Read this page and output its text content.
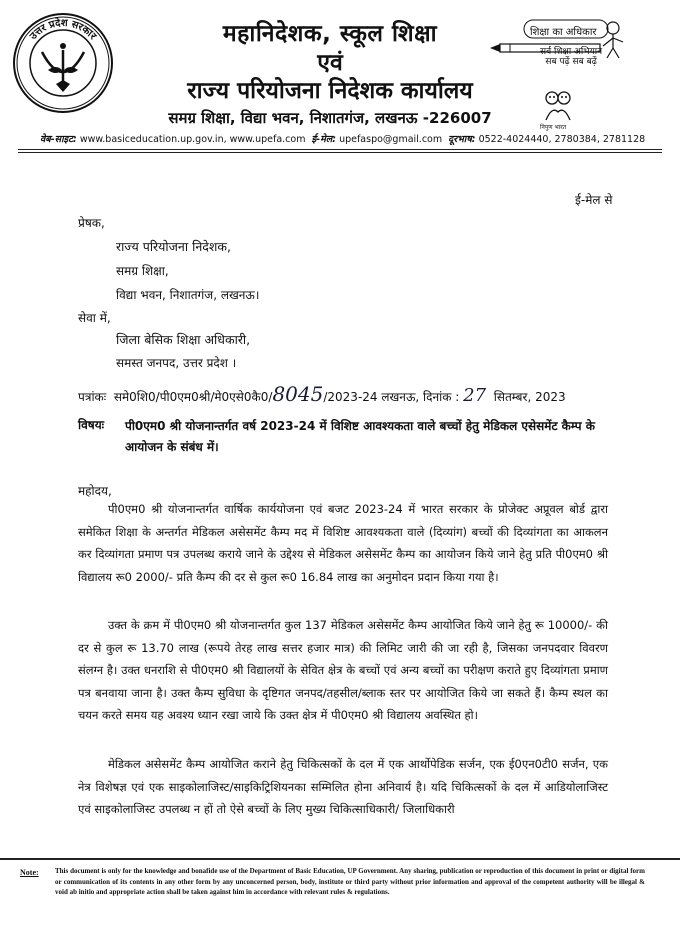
उत्तर प्रदेश सरकार	महानिदेशक, स्कूल शिक्षा
एवं
राज्य परियोजना निदेशक कार्यालय
समग्र शिक्षा, विद्या भवन, निशातगंज, लखनऊ -226007
शिक्षा का अधिकार
सर्व शिक्षा अभियान
सब पढ़ें सब बढ़ें
निपुण भारत
वेब-साइट: www.basiceducation.up.gov.in, www.upefa.com ई-मेल: upefaspo@gmail.com दूरभाष: 0522-4024440, 2780384, 2781128
ई-मेल से
प्रेषक,
राज्य परियोजना निदेशक,
समग्र शिक्षा,
विद्या भवन, निशातगंज, लखनऊ।
सेवा में,
जिला बेसिक शिक्षा अधिकारी,
समस्त जनपद, उत्तर प्रदेश ।
पत्रांकः समे0शि0/पी0एम0श्री/मे0एसे0कै0/8045/2023-24 लखनऊ, दिनांक : 27 सितम्बर, 2023
विषयः पी0एम0 श्री योजनान्तर्गत वर्ष 2023-24 में विशिष्ट आवश्यकता वाले बच्चों हेतु मेडिकल एसेसमेंट कैम्प के आयोजन के संबंध में।
महोदय,
पी0एम0 श्री योजनान्तर्गत वार्षिक कार्ययोजना एवं बजट 2023-24 में भारत सरकार के प्रोजेक्ट अप्रूवल बोर्ड द्वारा समेकित शिक्षा के अन्तर्गत मेडिकल असेसमेंट कैम्प मद में विशिष्ट आवश्यकता वाले (दिव्यांग) बच्चों की दिव्यांगता का आकलन कर दिव्यांगता प्रमाण पत्र उपलब्ध कराये जाने के उद्देश्य से मेडिकल असेसमेंट कैम्प का आयोजन किये जाने हेतु प्रति पी0एम0 श्री विद्यालय रू0 2000/- प्रति कैम्प की दर से कुल रू0 16.84 लाख का अनुमोदन प्रदान किया गया है।
उक्त के क्रम में पी0एम0 श्री योजनान्तर्गत कुल 137 मेडिकल असेसमेंट कैम्प आयोजित किये जाने हेतु रू 10000/- की दर से कुल रू 13.70 लाख (रूपये तेरह लाख सत्तर हजार मात्र) की लिमिट जारी की जा रही है, जिसका जनपदवार विवरण संलग्न है। उक्त धनराशि से पी0एम0 श्री विद्यालयों के सेवित क्षेत्र के बच्चों एवं अन्य बच्चों का परीक्षण कराते हुए दिव्यांगता प्रमाण पत्र बनवाया जाना है। उक्त कैम्प सुविधा के दृष्टिगत जनपद/तहसील/ब्लाक स्तर पर आयोजित किये जा सकते हैं। कैम्प स्थल का चयन करते समय यह अवश्य ध्यान रखा जाये कि उक्त क्षेत्र में पी0एम0 श्री विद्यालय अवस्थित हो।
मेडिकल असेसमेंट कैम्प आयोजित कराने हेतु चिकित्सकों के दल में एक आर्थोपेडिक सर्जन, एक ई0एन0टी0 सर्जन, एक नेत्र विशेषज्ञ एवं एक साइकोलाजिस्ट/साइकिट्रिशियनका सम्मिलित होना अनिवार्य है। यदि चिकित्सकों के दल में आडियोलाजिस्ट एवं साइकोलाजिस्ट उपलब्ध न हों तो ऐसे बच्चों के लिए मुख्य चिकित्साधिकारी/ जिलाधिकारी
Note: This document is only for the knowledge and bonafide use of the Department of Basic Education, UP Government. Any sharing, publication or reproduction of this document in print or digital form or communication of its contents in any other form by any unconcerned person, body, institute or third party without prior information and approval of the competent authority will be illegal & void ab initio and appropriate action shall be taken against him in accordance with relevant rules & regulations.
